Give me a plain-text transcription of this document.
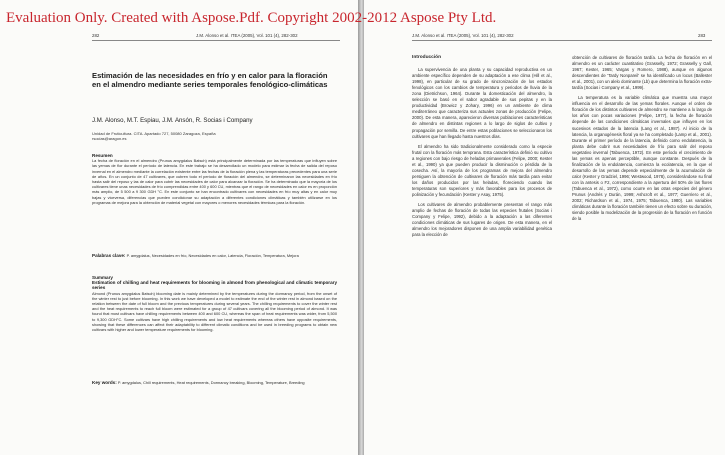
Evaluation Only. Created with Aspose.Pdf. Copyright 2002-2012 Aspose Pty Ltd.
282	J.M. Alonso et al. ITEA (2005), Vol. 101 (4), 282-302
Estimación de las necesidades en frío y en calor para la floración en el almendro mediante series temporales fenológico-climáticas
J.M. Alonso, M.T. Espiau, J.M. Ansón, R. Socias i Company
Unidad de Fruticultura. CITA. Apartado 727, 50080 Zaragoza, España
rsocias@aragon.es
Resumen
La fecha de floración en el almendro (Prunus amygdalus Batsch) está principalmente determinada por las temperaturas que influyen sobre las yemas de flor durante el período de latencia. En este trabajo se ha desarrollado un modelo para estimar la fecha de salida del reposo invernal en el almendro mediante la correlación existente entre las fechas de la floración plena y las temperaturas precedentes para una serie de años. En un conjunto de 47 cultivares, que cubren todo el período de floración del almendro, se determinaron las necesidades en frío hasta salir del reposo y las de calor para cubrir las necesidades de calor para alcanzar la floración. Se ha determinado que la mayoría de los cultivares tiene unas necesidades de frío comprendidas entre 400 y 600 CU, mientras que el rango de necesidades en calor es en proporción más amplio, de 5 500 a 9 300 GDH °C. En este conjunto se han encontrado cultivares con necesidades en frío muy altas y en calor muy bajas y viceversa, diferencias que pueden condicionar su adaptación a diferentes condiciones climáticas y también utilizarse en los programas de mejora para la obtención de material vegetal con mayores o menores necesidades térmicas para la floración.
Palabras clave: P. amygdalus, Necesidades en frío, Necesidades en calor, Latencia, Floración, Temperatura, Mejora
Summary
Estimation of chilling and heat requirements for blooming in almond from phenological and climatic temporary series
Almond (Prunus amygdalus Batsch) blooming date is mainly determined by the temperatures during the dormancy period, from the onset of the winter rest to just before blooming. In this work we have developed a model to estimate the end of the winter rest in almond based on the relation between the date of full bloom and the previous temperatures during several years. The chilling requirements to cover the winter rest and the heat requirements to reach full bloom were estimated for a group of 47 cultivars covering all the blooming period of almond. It was found that most cultivars have chilling requirements between 400 and 600 CU, whereas the span of heat requirements was wider, from 5,500 to 9,300 GDH°C. Some cultivars have high chilling requirements and low heat requirements whereas others have opposite requirements, showing that these differences can affect their adaptability to different climatic conditions and be used in breeding programs to obtain new cultivars with higher and lower temperature requirements for blooming.
Key words: P. amygdalus, Chill requirements, Heat requirements, Dormancy breaking, Blooming, Temperature, Breeding
J.M. Alonso et al. ITEA (2005), Vol. 101 (4), 282-302	283
Introducción

La supervivencia de una planta y su capacidad reproductiva en un ambiente específico dependen de su adaptación a ese clima (Hill et al., 1998), en particular de su grado de sincronización de los estados fenológicos con los cambios de temperatura y periodos de lluvia de la zona (Dietrichson, 1964). Durante la domesticación del almendro, la selección se basó en el sabor agradable de sus pepitas y en la productividad (Browicz y Zohary, 1996) en un ambiente de clima mediterráneo que caracteriza sus actuales zonas de producción (Felipe, 2000). De esta manera, aparecieron diversas poblaciones características de almendro en distintas regiones a lo largo de siglos de cultivo y propagación por semilla. De entre estas poblaciones se seleccionaron los cultivares que han llegado hasta nuestros días.

El almendro ha sido tradicionalmente considerado como la especie frutal con la floración más temprana. Esta característica definió su cultivo a regiones con bajo riesgo de heladas primaverales (Felipe, 2000; Kester et al., 1990) ya que pueden producir la disminución o pérdida de la cosecha. Así, la mayoría de los programas de mejora del almendro persiguen la obtención de cultivares de floración más tardía para evitar los daños producidos por las heladas, floreciendo cuando las temperaturas son superiores y más favorables para los procesos de polinización y fecundación (Kester y Asay, 1975).

Los cultivares de almendro probablemente presentan el rango más amplio de fechas de floración de todas las especies frutales (Socias i Company y Felipe, 1992), debido a la adaptación a las diferentes condiciones climáticas de sus lugares de origen. De esta manera, en el almendro los mejoradores disponen de una amplia variabilidad genética para la elección de

obtención de cultivares de floración tardía. La fecha de floración en el almendro es un carácter cuantitativo (Grasselly, 1972; Grasselly y Gall, 1967; Kester, 1965; Vargas y Romero, 1988), aunque en algunos descendientes de 'Tardy Nonpareil' se ha identificado un locus (Ballester et al., 2001), con un alelo dominante (Lb) que determina la floración extra-tardía (Socias i Company et al., 1999).

La temperatura es la variable climática que muestra una mayor influencia en el desarrollo de las yemas florales. Aunque el orden de floración de los distintos cultivares de almendro se mantiene a lo largo de los años con pocas variaciones (Felipe, 1977), la fecha de floración depende de las condiciones climáticas invernales que influyen en los sucesivos estados de la latencia (Lang et al., 1987). Al inicio de la latencia, la organogénesis floral ya se ha completado (Lamp et al., 2001). Durante el primer período de la latencia, definido como endolatencia, la planta debe cubrir sus necesidades de frío para salir del reposo vegetativo invernal (Tabuenca, 1972). En este período el crecimiento de las yemas es apenas perceptible, aunque constante. Después de la finalización de la endolatencia, comienza la ecolatencia, en la que el desarrollo de las yemas depende especialmente de la acumulación de calor (Kester y Gradziel, 1996; Westwood, 1978), considerándose su final con la antesis o F2, correspondiente a la apertura del 50% de las flores (Tabuenca et al., 1972), como ocurre en las otras especies del género Prunus (Andrés y Durán, 1999; Ashcroft et al., 1977; Guerriero et al., 2002; Richardson et al., 1974, 1975; Tabuenca, 1980). Las variables climáticas durante la floración también tienen un efecto sobre su duración, siendo posible la modelización de la progresión de la floración en función de la
